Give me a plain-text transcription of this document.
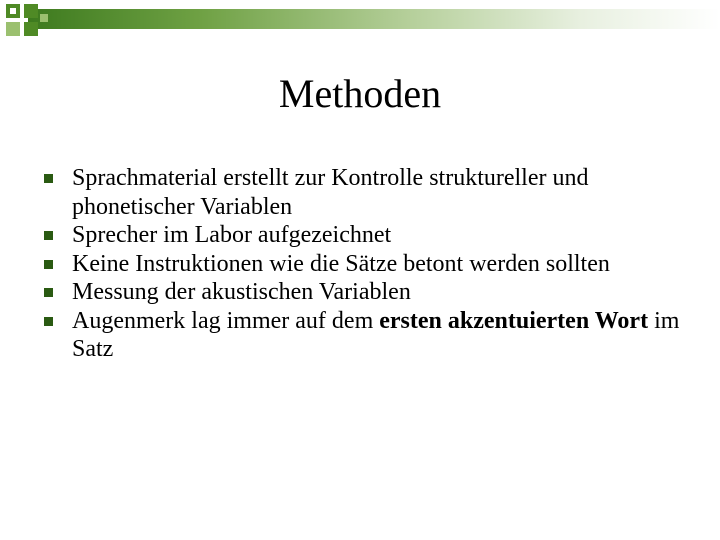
Methoden
Sprachmaterial erstellt zur Kontrolle struktureller und phonetischer Variablen
Sprecher im Labor aufgezeichnet
Keine Instruktionen wie die Sätze betont werden sollten
Messung der akustischen Variablen
Augenmerk lag immer auf dem ersten akzentuierten Wort im Satz
